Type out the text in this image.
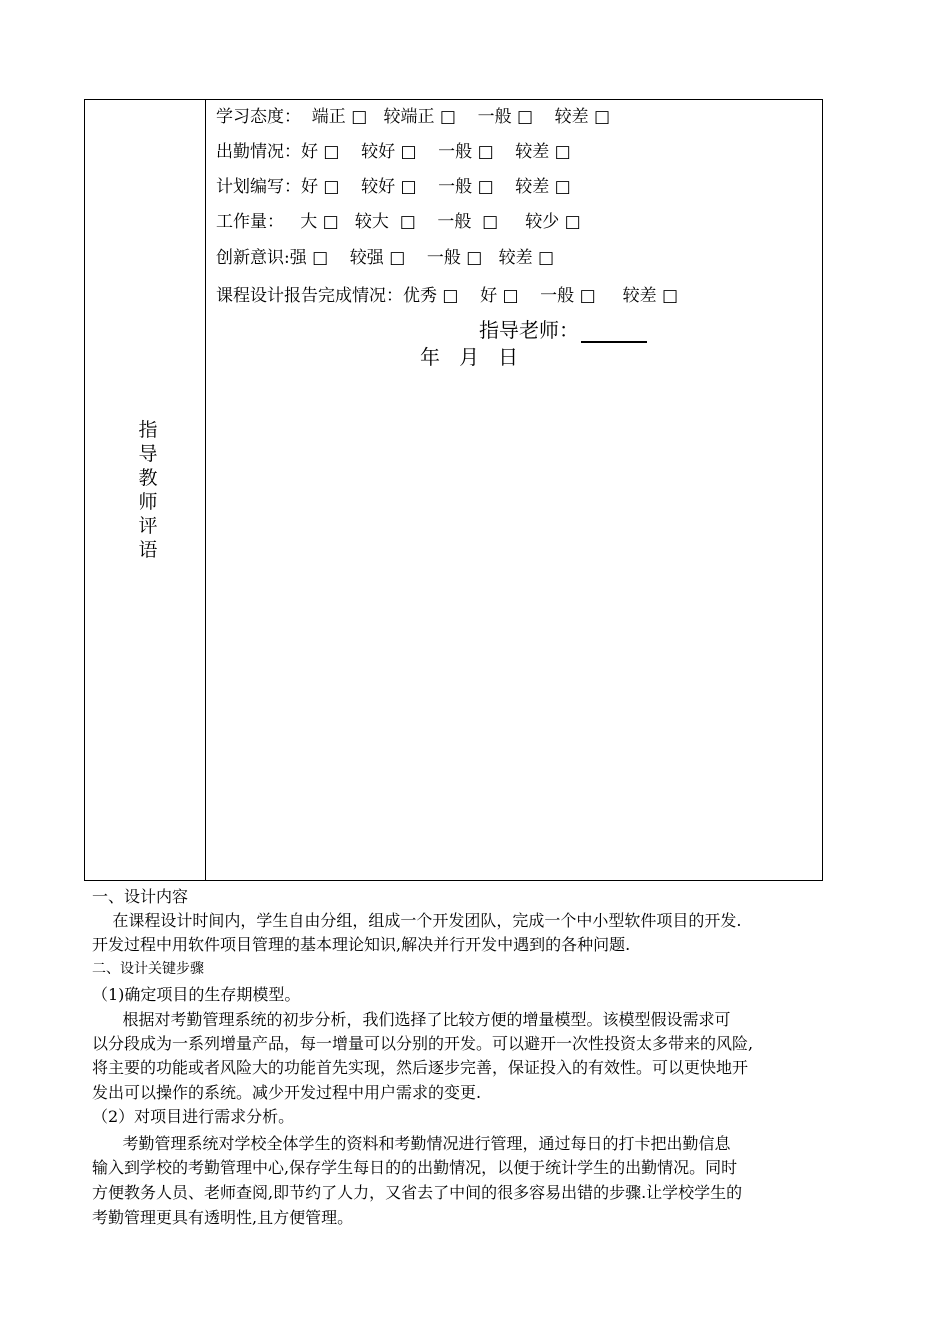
指
导
教
师
评
语
学习态度：  端正 □   较端正 □    一般 □    较差 □
出勤情况：好 □    较好 □    一般 □    较差 □
计划编写：好 □    较好 □    一般 □    较差 □
工作量：   大 □   较大  □    一般  □     较少 □
创新意识:强 □    较强 □    一般 □   较差 □
课程设计报告完成情况：优秀 □    好 □    一般 □     较差 □
指导老师：
年   月   日
一、设计内容
在课程设计时间内，学生自由分组，组成一个开发团队，完成一个中小型软件项目的开发.
开发过程中用软件项目管理的基本理论知识,解决并行开发中遇到的各种问题.
二、设计关键步骤
（1)确定项目的生存期模型。
根据对考勤管理系统的初步分析，我们选择了比较方便的增量模型。该模型假设需求可
以分段成为一系列增量产品，每一增量可以分别的开发。可以避开一次性投资太多带来的风险,
将主要的功能或者风险大的功能首先实现，然后逐步完善，保证投入的有效性。可以更快地开
发出可以操作的系统。减少开发过程中用户需求的变更.
（2）对项目进行需求分析。
考勤管理系统对学校全体学生的资料和考勤情况进行管理，通过每日的打卡把出勤信息
输入到学校的考勤管理中心,保存学生每日的的出勤情况，以便于统计学生的出勤情况。同时
方便教务人员、老师查阅,即节约了人力，又省去了中间的很多容易出错的步骤.让学校学生的
考勤管理更具有透明性,且方便管理。
